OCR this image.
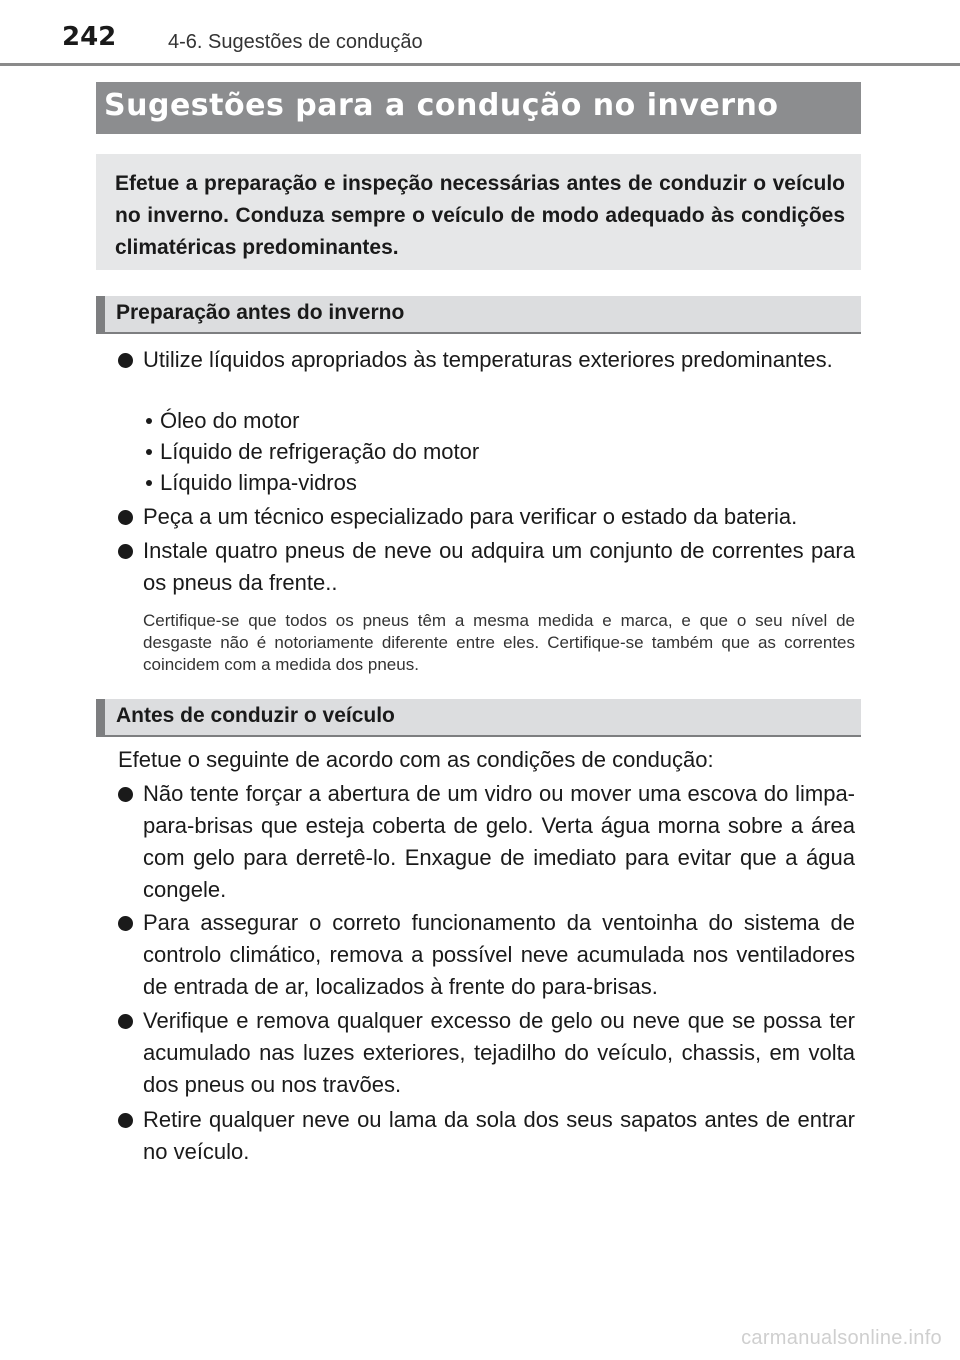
242	4-6. Sugestões de condução
Sugestões para a condução no inverno
Efetue a preparação e inspeção necessárias antes de conduzir o veículo no inverno. Conduza sempre o veículo de modo adequado às condições climatéricas predominantes.
Preparação antes do inverno
Utilize líquidos apropriados às temperaturas exteriores predominantes.
Óleo do motor
Líquido de refrigeração do motor
Líquido limpa-vidros
Peça a um técnico especializado para verificar o estado da bateria.
Instale quatro pneus de neve ou adquira um conjunto de correntes para os pneus da frente..
Certifique-se que todos os pneus têm a mesma medida e marca, e que o seu nível de desgaste não é notoriamente diferente entre eles. Certifique-se também que as correntes coincidem com a medida dos pneus.
Antes de conduzir o veículo
Efetue o seguinte de acordo com as condições de condução:
Não tente forçar a abertura de um vidro ou mover uma escova do limpa-para-brisas que esteja coberta de gelo. Verta água morna sobre a área com gelo para derretê-lo. Enxague de imediato para evitar que a água congele.
Para assegurar o correto funcionamento da ventoinha do sistema de controlo climático, remova a possível neve acumulada nos ventiladores de entrada de ar, localizados à frente do para-brisas.
Verifique e remova qualquer excesso de gelo ou neve que se possa ter acumulado nas luzes exteriores, tejadilho do veículo, chassis, em volta dos pneus ou nos travões.
Retire qualquer neve ou lama da sola dos seus sapatos antes de entrar no veículo.
carmanualsonline.info
